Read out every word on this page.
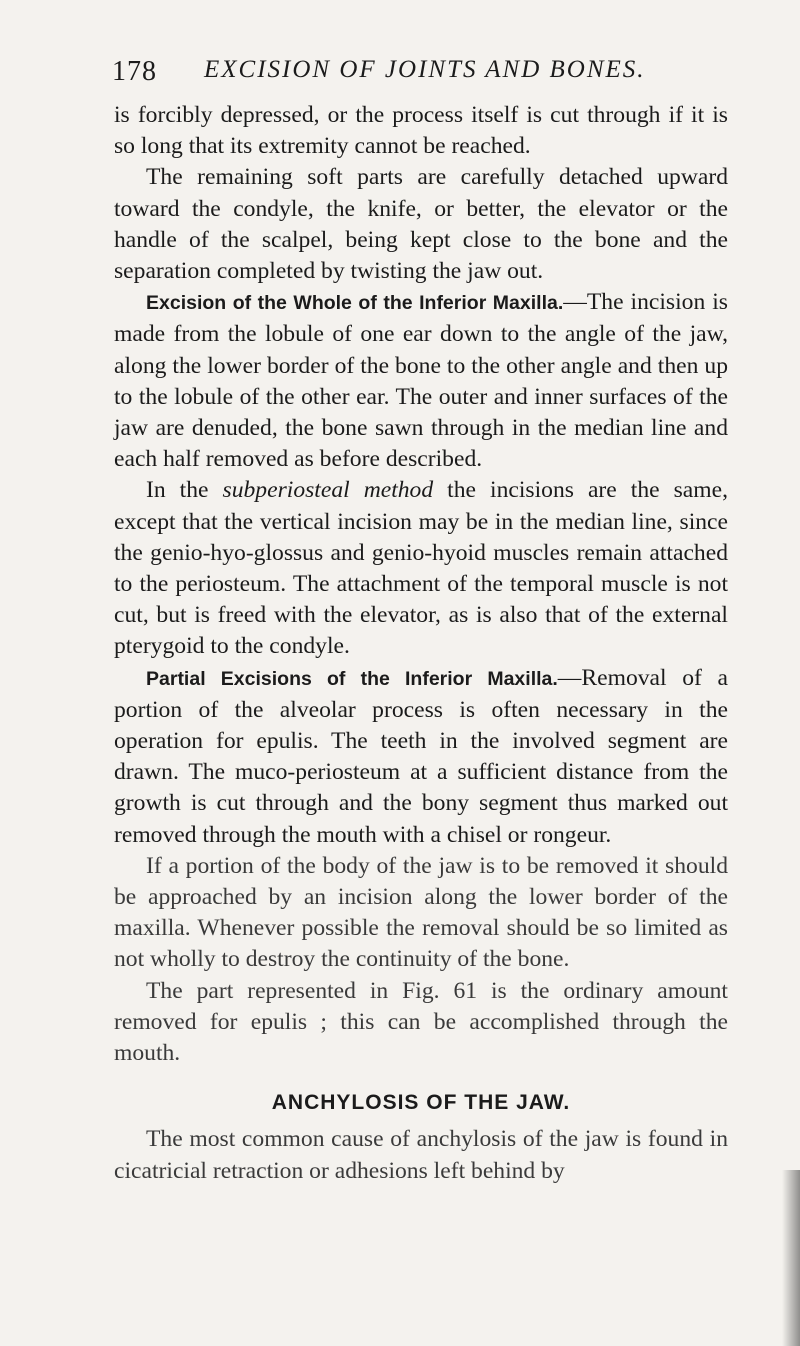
178 EXCISION OF JOINTS AND BONES.

is forcibly depressed, or the process itself is cut through if it is so long that its extremity cannot be reached.

The remaining soft parts are carefully detached upward toward the condyle, the knife, or better, the elevator or the handle of the scalpel, being kept close to the bone and the separation completed by twisting the jaw out.

Excision of the Whole of the Inferior Maxilla.—The incision is made from the lobule of one ear down to the angle of the jaw, along the lower border of the bone to the other angle and then up to the lobule of the other ear. The outer and inner surfaces of the jaw are denuded, the bone sawn through in the median line and each half removed as before described.

In the subperiosteal method the incisions are the same, except that the vertical incision may be in the median line, since the genio-hyo-glossus and genio-hyoid muscles remain attached to the periosteum. The attachment of the temporal muscle is not cut, but is freed with the elevator, as is also that of the external pterygoid to the condyle.

Partial Excisions of the Inferior Maxilla.—Removal of a portion of the alveolar process is often necessary in the operation for epulis. The teeth in the involved segment are drawn. The muco-periosteum at a sufficient distance from the growth is cut through and the bony segment thus marked out removed through the mouth with a chisel or rongeur.

If a portion of the body of the jaw is to be removed it should be approached by an incision along the lower border of the maxilla. Whenever possible the removal should be so limited as not wholly to destroy the continuity of the bone.

The part represented in Fig. 61 is the ordinary amount removed for epulis ; this can be accomplished through the mouth.

ANCHYLOSIS OF THE JAW.

The most common cause of anchylosis of the jaw is found in cicatricial retraction or adhesions left behind by
